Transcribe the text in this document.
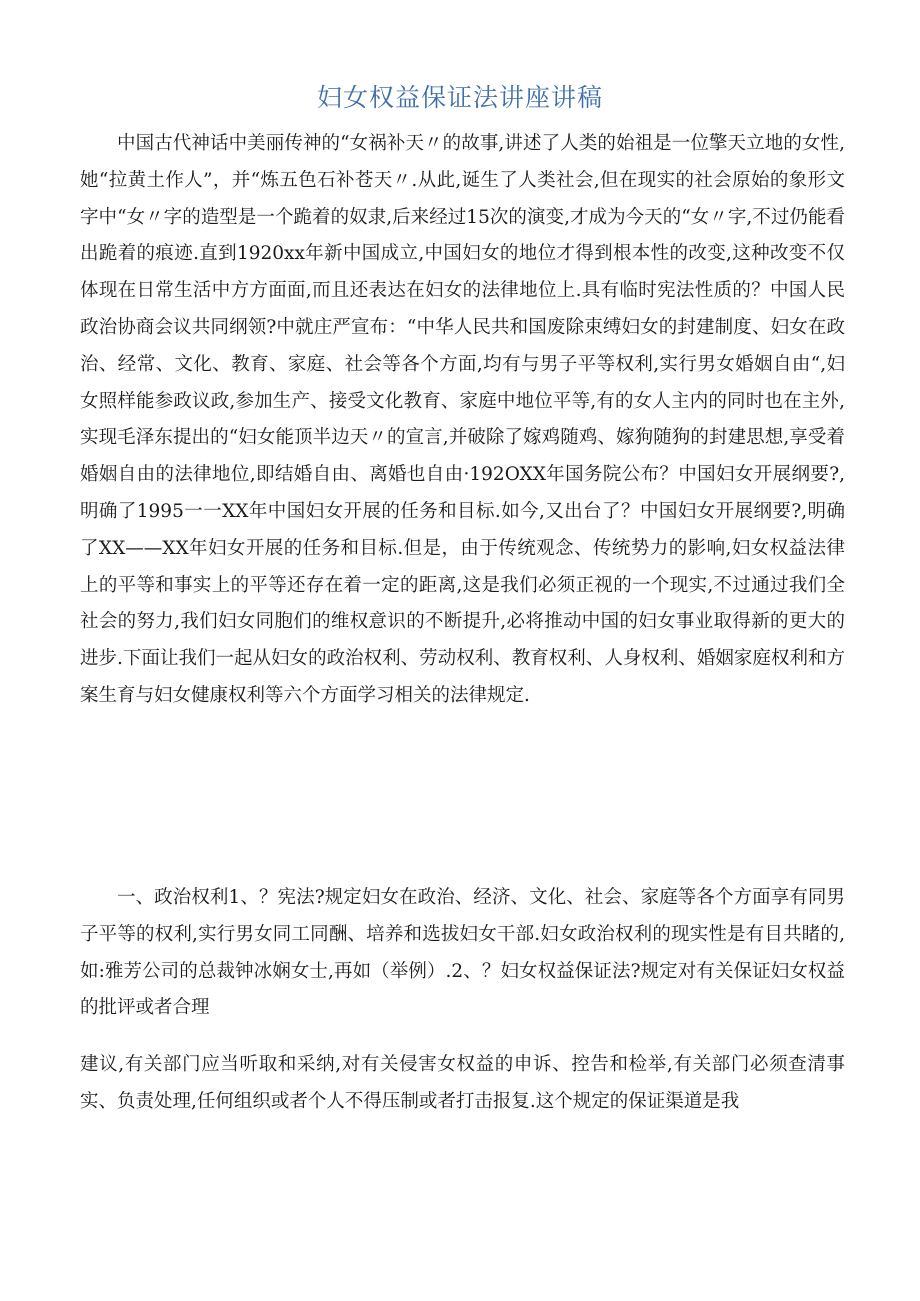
妇女权益保证法讲座讲稿

中国古代神话中美丽传神的“女祸补天〃的故事,讲述了人类的始祖是一位擎天立地的女性,她“拉黄土作人”，并“炼五色石补苍天〃.从此,诞生了人类社会,但在现实的社会原始的象形文字中“女〃字的造型是一个跪着的奴隶,后来经过15次的演变,才成为今天的“女〃字,不过仍能看出跪着的痕迹.直到1920xx年新中国成立,中国妇女的地位才得到根本性的改变,这种改变不仅体现在日常生活中方方面面,而且还表达在妇女的法律地位上.具有临时宪法性质的？中国人民政治协商会议共同纲领?中就庄严宣布：“中华人民共和国废除束缚妇女的封建制度、妇女在政治、经常、文化、教育、家庭、社会等各个方面,均有与男子平等权利,实行男女婚姻自由“,妇女照样能参政议政,参加生产、接受文化教育、家庭中地位平等,有的女人主内的同时也在主外,实现毛泽东提出的“妇女能顶半边天〃的宣言,并破除了嫁鸡随鸡、嫁狗随狗的封建思想,享受着婚姻自由的法律地位,即结婚自由、离婚也自由·192OXX年国务院公布？中国妇女开展纲要?,明确了1995一一XX年中国妇女开展的任务和目标.如今,又出台了？中国妇女开展纲要?,明确了XX——XX年妇女开展的任务和目标.但是，由于传统观念、传统势力的影响,妇女权益法律上的平等和事实上的平等还存在着一定的距离,这是我们必须正视的一个现实,不过通过我们全社会的努力,我们妇女同胞们的维权意识的不断提升,必将推动中国的妇女事业取得新的更大的进步.下面让我们一起从妇女的政治权利、劳动权利、教育权利、人身权利、婚姻家庭权利和方案生育与妇女健康权利等六个方面学习相关的法律规定.

一、政治权利1、？宪法?规定妇女在政治、经济、文化、社会、家庭等各个方面享有同男子平等的权利,实行男女同工同酬、培养和选拔妇女干部.妇女政治权利的现实性是有目共睹的,如:雅芳公司的总裁钟冰娴女士,再如（举例）.2、？妇女权益保证法?规定对有关保证妇女权益的批评或者合理

建议,有关部门应当听取和采纳,对有关侵害女权益的申诉、控告和检举,有关部门必须查清事实、负责处理,任何组织或者个人不得压制或者打击报复.这个规定的保证渠道是我
